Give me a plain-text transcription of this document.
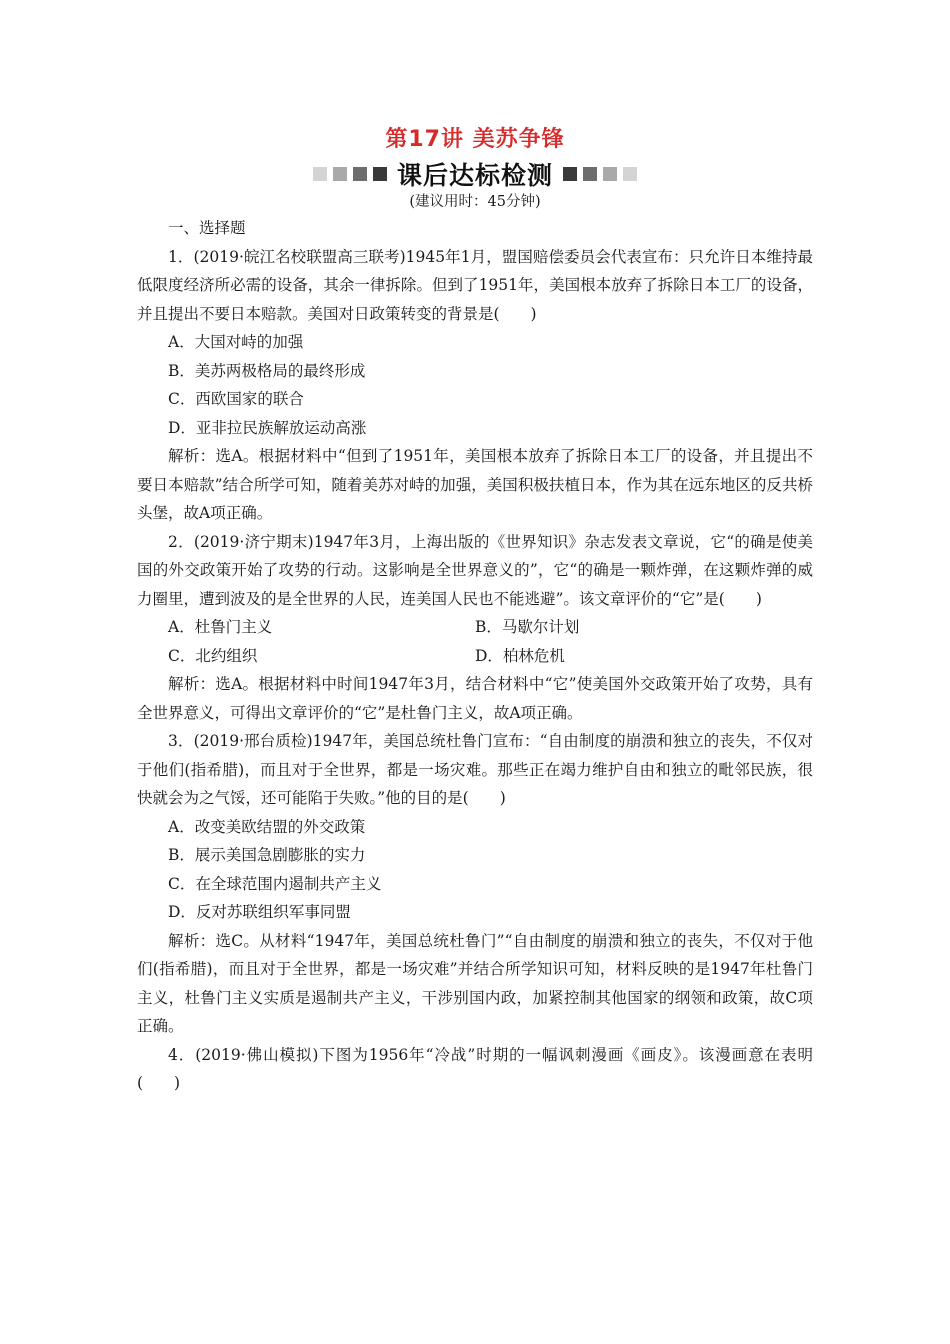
第17讲 美苏争锋
课后达标检测
(建议用时：45分钟)

一、选择题

1．(2019·皖江名校联盟高三联考)1945年1月，盟国赔偿委员会代表宣布：只允许日本维持最低限度经济所必需的设备，其余一律拆除。但到了1951年，美国根本放弃了拆除日本工厂的设备，并且提出不要日本赔款。美国对日政策转变的背景是(　　)

A．大国对峙的加强

B．美苏两极格局的最终形成

C．西欧国家的联合

D．亚非拉民族解放运动高涨

解析：选A。根据材料中“但到了1951年，美国根本放弃了拆除日本工厂的设备，并且提出不要日本赔款”结合所学可知，随着美苏对峙的加强，美国积极扶植日本，作为其在远东地区的反共桥头堡，故A项正确。

2．(2019·济宁期末)1947年3月，上海出版的《世界知识》杂志发表文章说，它“的确是使美国的外交政策开始了攻势的行动。这影响是全世界意义的”，它“的确是一颗炸弹，在这颗炸弹的威力圈里，遭到波及的是全世界的人民，连美国人民也不能逃避”。该文章评价的“它”是(　　)

A．杜鲁门主义	B．马歇尔计划
C．北约组织	D．柏林危机

解析：选A。根据材料中时间1947年3月，结合材料中“它”使美国外交政策开始了攻势，具有全世界意义，可得出文章评价的“它”是杜鲁门主义，故A项正确。

3．(2019·邢台质检)1947年，美国总统杜鲁门宣布：“自由制度的崩溃和独立的丧失，不仅对于他们(指希腊)，而且对于全世界，都是一场灾难。那些正在竭力维护自由和独立的毗邻民族，很快就会为之气馁，还可能陷于失败。”他的目的是(　　)

A．改变美欧结盟的外交政策

B．展示美国急剧膨胀的实力

C．在全球范围内遏制共产主义

D．反对苏联组织军事同盟

解析：选C。从材料“1947年，美国总统杜鲁门”“自由制度的崩溃和独立的丧失，不仅对于他们(指希腊)，而且对于全世界，都是一场灾难”并结合所学知识可知，材料反映的是1947年杜鲁门主义，杜鲁门主义实质是遏制共产主义，干涉别国内政，加紧控制其他国家的纲领和政策，故C项正确。

4．(2019·佛山模拟)下图为1956年“冷战”时期的一幅讽刺漫画《画皮》。该漫画意在表明(　　)
